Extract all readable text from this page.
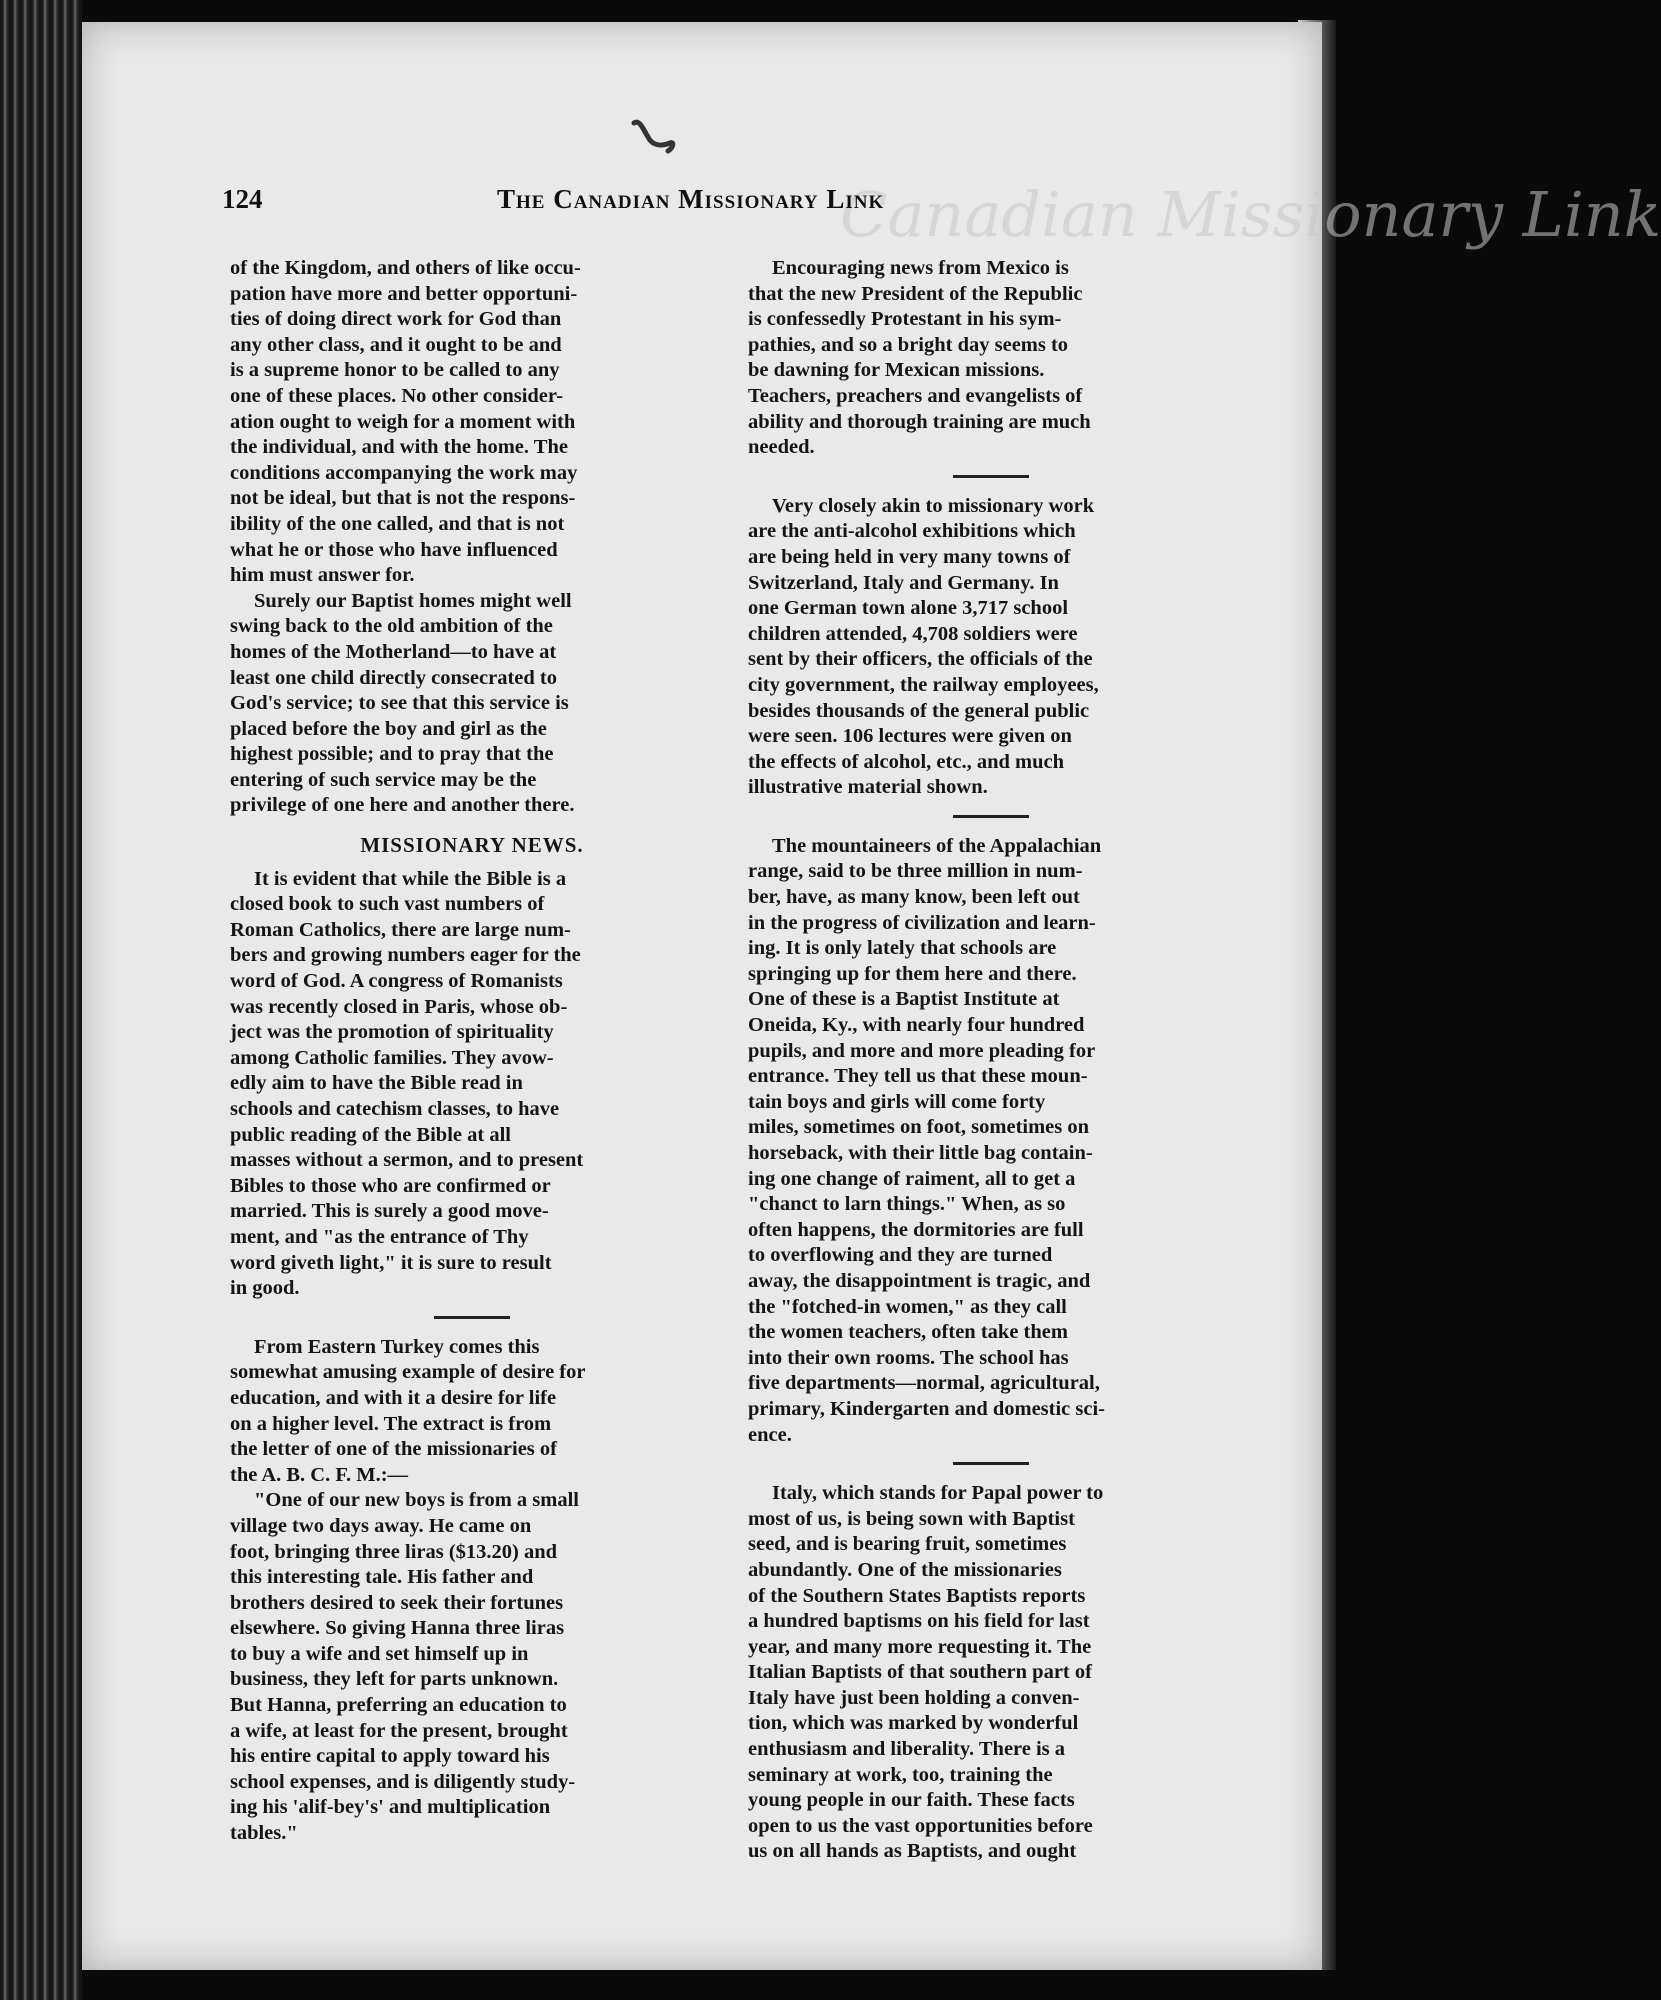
Canadian Missionary Link
124	The Canadian Missionary Link

of the Kingdom, and others of like occu-
pation have more and better opportuni-
ties of doing direct work for God than
any other class, and it ought to be and
is a supreme honor to be called to any
one of these places. No other consider-
ation ought to weigh for a moment with
the individual, and with the home. The
conditions accompanying the work may
not be ideal, but that is not the respons-
ibility of the one called, and that is not
what he or those who have influenced
him must answer for.

Surely our Baptist homes might well
swing back to the old ambition of the
homes of the Motherland—to have at
least one child directly consecrated to
God's service; to see that this service is
placed before the boy and girl as the
highest possible; and to pray that the
entering of such service may be the
privilege of one here and another there.

MISSIONARY NEWS.

It is evident that while the Bible is a
closed book to such vast numbers of
Roman Catholics, there are large num-
bers and growing numbers eager for the
word of God. A congress of Romanists
was recently closed in Paris, whose ob-
ject was the promotion of spirituality
among Catholic families. They avow-
edly aim to have the Bible read in
schools and catechism classes, to have
public reading of the Bible at all
masses without a sermon, and to present
Bibles to those who are confirmed or
married. This is surely a good move-
ment, and "as the entrance of Thy
word giveth light," it is sure to result
in good.

From Eastern Turkey comes this
somewhat amusing example of desire for
education, and with it a desire for life
on a higher level. The extract is from
the letter of one of the missionaries of
the A. B. C. F. M.:—

"One of our new boys is from a small
village two days away. He came on
foot, bringing three liras ($13.20) and
this interesting tale. His father and
brothers desired to seek their fortunes
elsewhere. So giving Hanna three liras
to buy a wife and set himself up in
business, they left for parts unknown.
But Hanna, preferring an education to
a wife, at least for the present, brought
his entire capital to apply toward his
school expenses, and is diligently study-
ing his 'alif-bey's' and multiplication
tables."

Encouraging news from Mexico is
that the new President of the Republic
is confessedly Protestant in his sym-
pathies, and so a bright day seems to
be dawning for Mexican missions.
Teachers, preachers and evangelists of
ability and thorough training are much
needed.

Very closely akin to missionary work
are the anti-alcohol exhibitions which
are being held in very many towns of
Switzerland, Italy and Germany. In
one German town alone 3,717 school
children attended, 4,708 soldiers were
sent by their officers, the officials of the
city government, the railway employees,
besides thousands of the general public
were seen. 106 lectures were given on
the effects of alcohol, etc., and much
illustrative material shown.

The mountaineers of the Appalachian
range, said to be three million in num-
ber, have, as many know, been left out
in the progress of civilization and learn-
ing. It is only lately that schools are
springing up for them here and there.
One of these is a Baptist Institute at
Oneida, Ky., with nearly four hundred
pupils, and more and more pleading for
entrance. They tell us that these moun-
tain boys and girls will come forty
miles, sometimes on foot, sometimes on
horseback, with their little bag contain-
ing one change of raiment, all to get a
"chanct to larn things." When, as so
often happens, the dormitories are full
to overflowing and they are turned
away, the disappointment is tragic, and
the "fotched-in women," as they call
the women teachers, often take them
into their own rooms. The school has
five departments—normal, agricultural,
primary, Kindergarten and domestic sci-
ence.

Italy, which stands for Papal power to
most of us, is being sown with Baptist
seed, and is bearing fruit, sometimes
abundantly. One of the missionaries
of the Southern States Baptists reports
a hundred baptisms on his field for last
year, and many more requesting it. The
Italian Baptists of that southern part of
Italy have just been holding a conven-
tion, which was marked by wonderful
enthusiasm and liberality. There is a
seminary at work, too, training the
young people in our faith. These facts
open to us the vast opportunities before
us on all hands as Baptists, and ought
